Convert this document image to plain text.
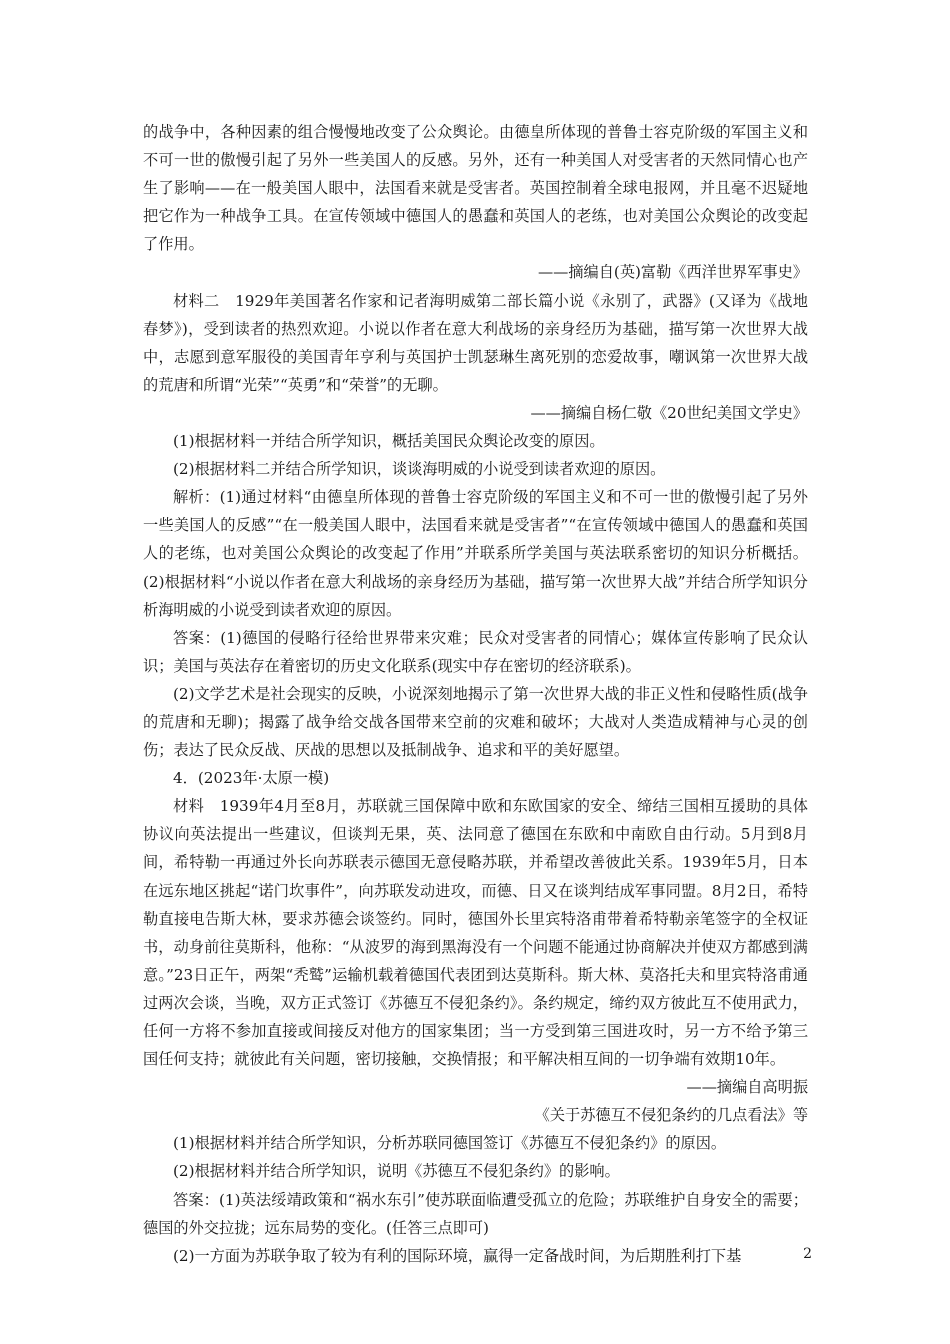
的战争中，各种因素的组合慢慢地改变了公众舆论。由德皇所体现的普鲁士容克阶级的军国主义和不可一世的傲慢引起了另外一些美国人的反感。另外，还有一种美国人对受害者的天然同情心也产生了影响——在一般美国人眼中，法国看来就是受害者。英国控制着全球电报网，并且毫不迟疑地把它作为一种战争工具。在宣传领域中德国人的愚蠢和英国人的老练，也对美国公众舆论的改变起了作用。

——摘编自(英)富勒《西洋世界军事史》

材料二　1929年美国著名作家和记者海明威第二部长篇小说《永别了，武器》(又译为《战地春梦》)，受到读者的热烈欢迎。小说以作者在意大利战场的亲身经历为基础，描写第一次世界大战中，志愿到意军服役的美国青年亨利与英国护士凯瑟琳生离死别的恋爱故事，嘲讽第一次世界大战的荒唐和所谓“光荣”“英勇”和“荣誉”的无聊。

——摘编自杨仁敬《20世纪美国文学史》

(1)根据材料一并结合所学知识，概括美国民众舆论改变的原因。

(2)根据材料二并结合所学知识，谈谈海明威的小说受到读者欢迎的原因。

解析：(1)通过材料“由德皇所体现的普鲁士容克阶级的军国主义和不可一世的傲慢引起了另外一些美国人的反感”“在一般美国人眼中，法国看来就是受害者”“在宣传领域中德国人的愚蠢和英国人的老练，也对美国公众舆论的改变起了作用”并联系所学美国与英法联系密切的知识分析概括。(2)根据材料“小说以作者在意大利战场的亲身经历为基础，描写第一次世界大战”并结合所学知识分析海明威的小说受到读者欢迎的原因。

答案：(1)德国的侵略行径给世界带来灾难；民众对受害者的同情心；媒体宣传影响了民众认识；美国与英法存在着密切的历史文化联系(现实中存在密切的经济联系)。

(2)文学艺术是社会现实的反映，小说深刻地揭示了第一次世界大战的非正义性和侵略性质(战争的荒唐和无聊)；揭露了战争给交战各国带来空前的灾难和破坏；大战对人类造成精神与心灵的创伤；表达了民众反战、厌战的思想以及抵制战争、追求和平的美好愿望。

4．(2023年·太原一模)

材料　1939年4月至8月，苏联就三国保障中欧和东欧国家的安全、缔结三国相互援助的具体协议向英法提出一些建议，但谈判无果，英、法同意了德国在东欧和中南欧自由行动。5月到8月间，希特勒一再通过外长向苏联表示德国无意侵略苏联，并希望改善彼此关系。1939年5月，日本在远东地区挑起“诺门坎事件”，向苏联发动进攻，而德、日又在谈判结成军事同盟。8月2日，希特勒直接电告斯大林，要求苏德会谈签约。同时，德国外长里宾特洛甫带着希特勒亲笔签字的全权证书，动身前往莫斯科，他称：“从波罗的海到黑海没有一个问题不能通过协商解决并使双方都感到满意。”23日正午，两架“秃鹫”运输机载着德国代表团到达莫斯科。斯大林、莫洛托夫和里宾特洛甫通过两次会谈，当晚，双方正式签订《苏德互不侵犯条约》。条约规定，缔约双方彼此互不使用武力，任何一方将不参加直接或间接反对他方的国家集团；当一方受到第三国进攻时，另一方不给予第三国任何支持；就彼此有关问题，密切接触，交换情报；和平解决相互间的一切争端有效期10年。

——摘编自高明振

《关于苏德互不侵犯条约的几点看法》等

(1)根据材料并结合所学知识，分析苏联同德国签订《苏德互不侵犯条约》的原因。

(2)根据材料并结合所学知识，说明《苏德互不侵犯条约》的影响。

答案：(1)英法绥靖政策和“祸水东引”使苏联面临遭受孤立的危险；苏联维护自身安全的需要；德国的外交拉拢；远东局势的变化。(任答三点即可)

(2)一方面为苏联争取了较为有利的国际环境，赢得一定备战时间，为后期胜利打下基	2
